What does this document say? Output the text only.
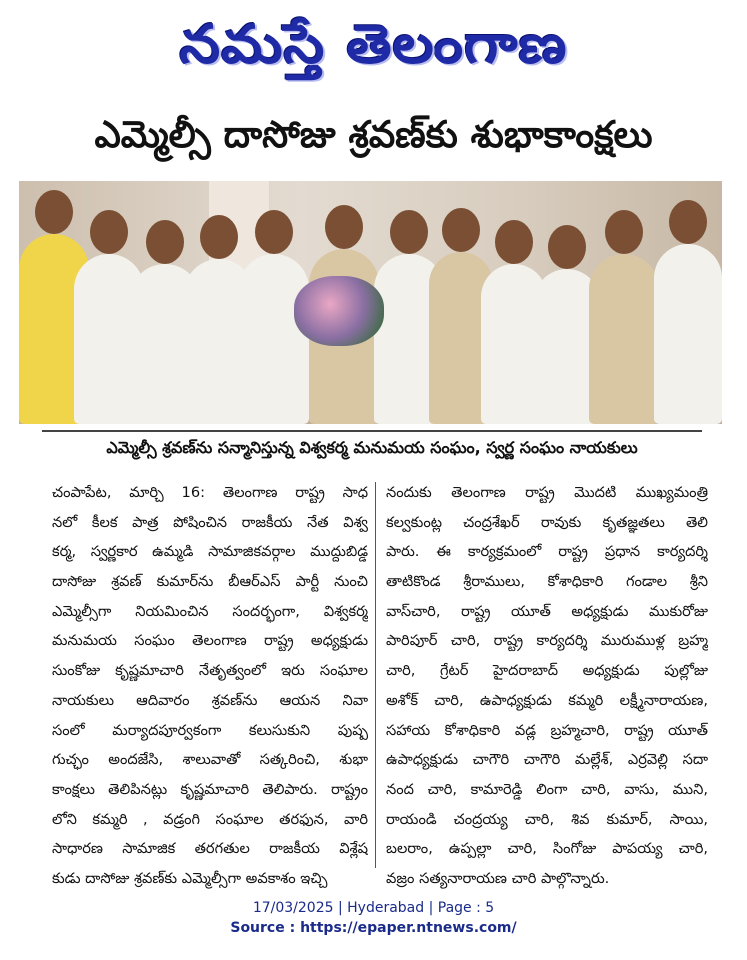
నమస్తే తెలంగాణ
ఎమ్మెల్సీ దాసోజు శ్రవణ్‌కు శుభాకాంక్షలు
ఎమ్మెల్సీ శ్రవణ్‌ను సన్మానిస్తున్న విశ్వకర్మ మనుమయ సంఘం, స్వర్ణ సంఘం నాయకులు
చంపాపేట, మార్చి 16: తెలంగాణ రాష్ట్ర సాధ
నలో కీలక పాత్ర పోషించిన రాజకీయ నేత విశ్వ
కర్మ, స్వర్ణకార ఉమ్మడి సామాజికవర్గాల ముద్దుబిడ్డ
దాసోజు శ్రవణ్ కుమార్‌ను బీఆర్‌ఎస్ పార్టీ నుంచి
ఎమ్మెల్సీగా నియమించిన సందర్భంగా, విశ్వకర్మ
మనుమయ సంఘం తెలంగాణ రాష్ట్ర అధ్యక్షుడు
సుంకోజు కృష్ణమాచారి నేతృత్వంలో ఇరు సంఘాల
నాయకులు ఆదివారం శ్రవణ్‌ను ఆయన నివా
సంలో మర్యాదపూర్వకంగా కలుసుకుని పుష్ప
గుచ్ఛం అందజేసి, శాలువాతో సత్కరించి, శుభా
కాంక్షలు తెలిపినట్లు కృష్ణమాచారి తెలిపారు. రాష్ట్రం
లోని కమ్మరి , వడ్రంగి సంఘాల తరఫున, వారి
సాధారణ సామాజిక తరగతుల రాజకీయ విశ్లేష
కుడు దాసోజు శ్రవణ్‌కు ఎమ్మెల్సీగా అవకాశం ఇచ్చి
నందుకు తెలంగాణ రాష్ట్ర మొదటి ముఖ్యమంత్రి
కల్వకుంట్ల చంద్రశేఖర్ రావుకు కృతజ్ఞతలు తెలి
పారు. ఈ కార్యక్రమంలో రాష్ట్ర ప్రధాన కార్యదర్శి
తాటికొండ శ్రీరాములు, కోశాధికారి గండాల శ్రీని
వాస్‌చారి, రాష్ట్ర యూత్ అధ్యక్షుడు ముకురోజు
పారిపూర్ చారి, రాష్ట్ర కార్యదర్శి మురుముళ్ల బ్రహ్మ
చారి, గ్రేటర్ హైదరాబాద్ అధ్యక్షుడు పుల్లోజు
అశోక్ చారి, ఉపాధ్యక్షుడు కమ్మరి లక్ష్మీనారాయణ,
సహాయ కోశాధికారి వడ్ల బ్రహ్మచారి, రాష్ట్ర యూత్
ఉపాధ్యక్షుడు చాగౌరి చాగౌరి మల్లేశ్, ఎర్రవెల్లి సదా
నంద చారి, కామారెడ్డి లింగా చారి, వాసు, ముని,
రాయండి చంద్రయ్య చారి, శివ కుమార్, సాయి,
బలరాం, ఉప్పల్లా చారి, సింగోజు పాపయ్య చారి,
వజ్రం సత్యనారాయణ చారి పాల్గొన్నారు.
17/03/2025 | Hyderabad | Page : 5
Source : https://epaper.ntnews.com/
